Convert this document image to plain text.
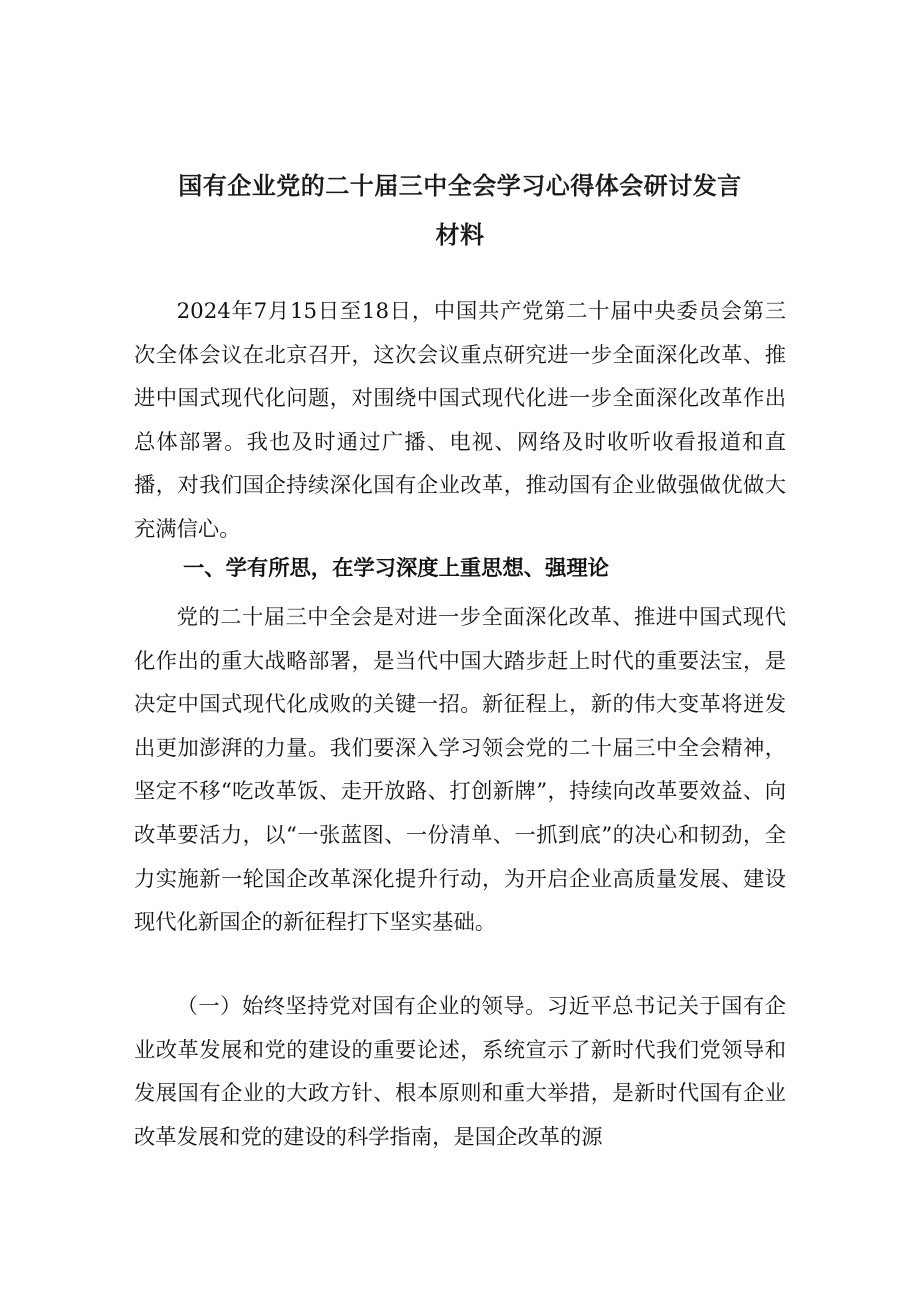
国有企业党的二十届三中全会学习心得体会研讨发言
材料

2024年7月15日至18日，中国共产党第二十届中央委员会第三次全体会议在北京召开，这次会议重点研究进一步全面深化改革、推进中国式现代化问题，对围绕中国式现代化进一步全面深化改革作出总体部署。我也及时通过广播、电视、网络及时收听收看报道和直播，对我们国企持续深化国有企业改革，推动国有企业做强做优做大充满信心。

一、学有所思，在学习深度上重思想、强理论

党的二十届三中全会是对进一步全面深化改革、推进中国式现代化作出的重大战略部署，是当代中国大踏步赶上时代的重要法宝，是决定中国式现代化成败的关键一招。新征程上，新的伟大变革将迸发出更加澎湃的力量。我们要深入学习领会党的二十届三中全会精神，坚定不移“吃改革饭、走开放路、打创新牌”，持续向改革要效益、向改革要活力，以“一张蓝图、一份清单、一抓到底”的决心和韧劲，全力实施新一轮国企改革深化提升行动，为开启企业高质量发展、建设现代化新国企的新征程打下坚实基础。

（一）始终坚持党对国有企业的领导。习近平总书记关于国有企业改革发展和党的建设的重要论述，系统宣示了新时代我们党领导和发展国有企业的大政方针、根本原则和重大举措，是新时代国有企业改革发展和党的建设的科学指南，是国企改革的源
